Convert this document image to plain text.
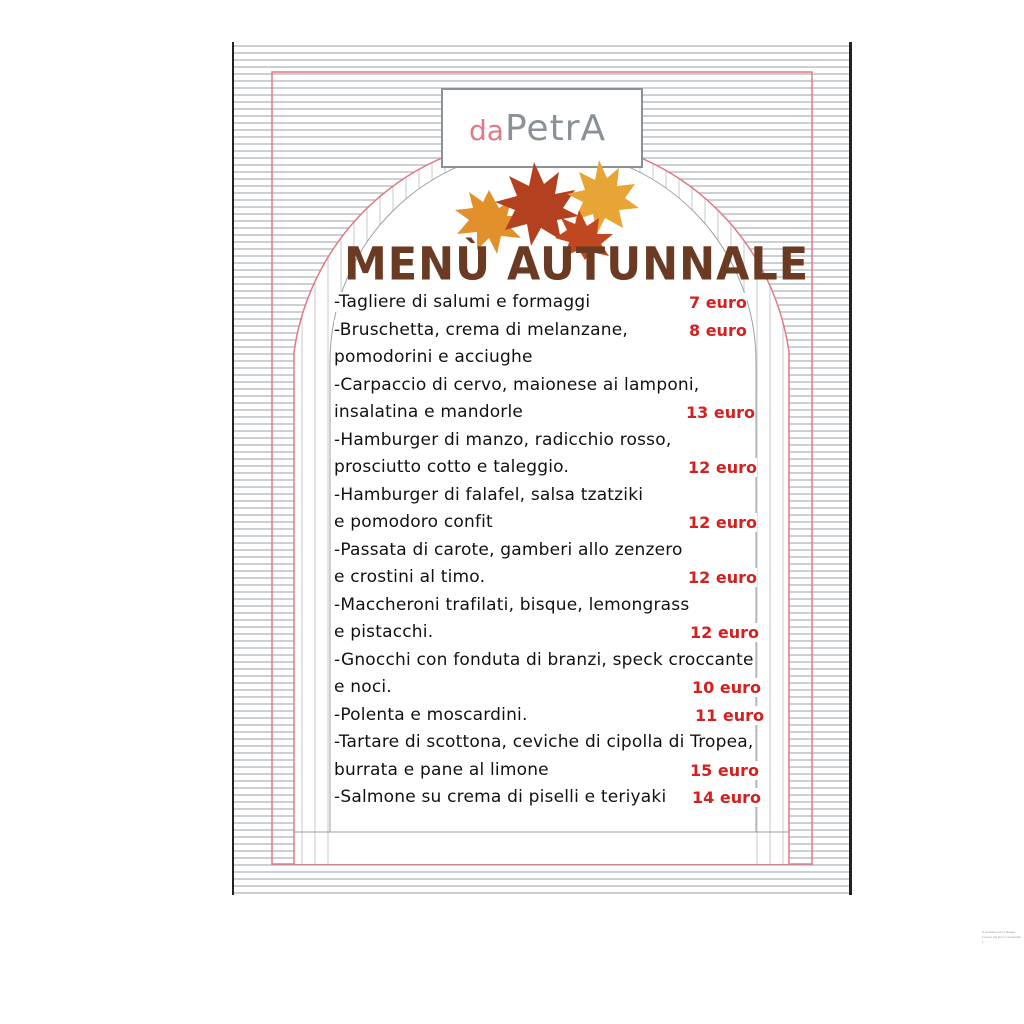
da PetrA
MENÙ AUTUNNALE
-Tagliere di salumi e formaggi	7 euro
-Bruschetta, crema di melanzane,
pomodorini e acciughe
8 euro
-Carpaccio di cervo, maionese ai lamponi,
insalatina e mandorle	13 euro
-Hamburger di manzo, radicchio rosso,
prosciutto cotto e taleggio.	12 euro
-Hamburger di falafel, salsa tzatziki
e pomodoro confit	12 euro
-Passata di carote, gamberi allo zenzero
e crostini al timo.	12 euro
-Maccheroni trafilati, bisque, lemongrass
e pistacchi.	12 euro
-Gnocchi con fonduta di branzi, speck croccante
e noci.	10 euro
-Polenta e moscardini.	11 euro
-Tartare di scottona, ceviche di cipolla di Tropea,
burrata e pane al limone	15 euro
-Salmone su crema di piselli e teriyaki 14 euro
ci scusiamo per il disagio
il cuoco sta ferme compiendo s
